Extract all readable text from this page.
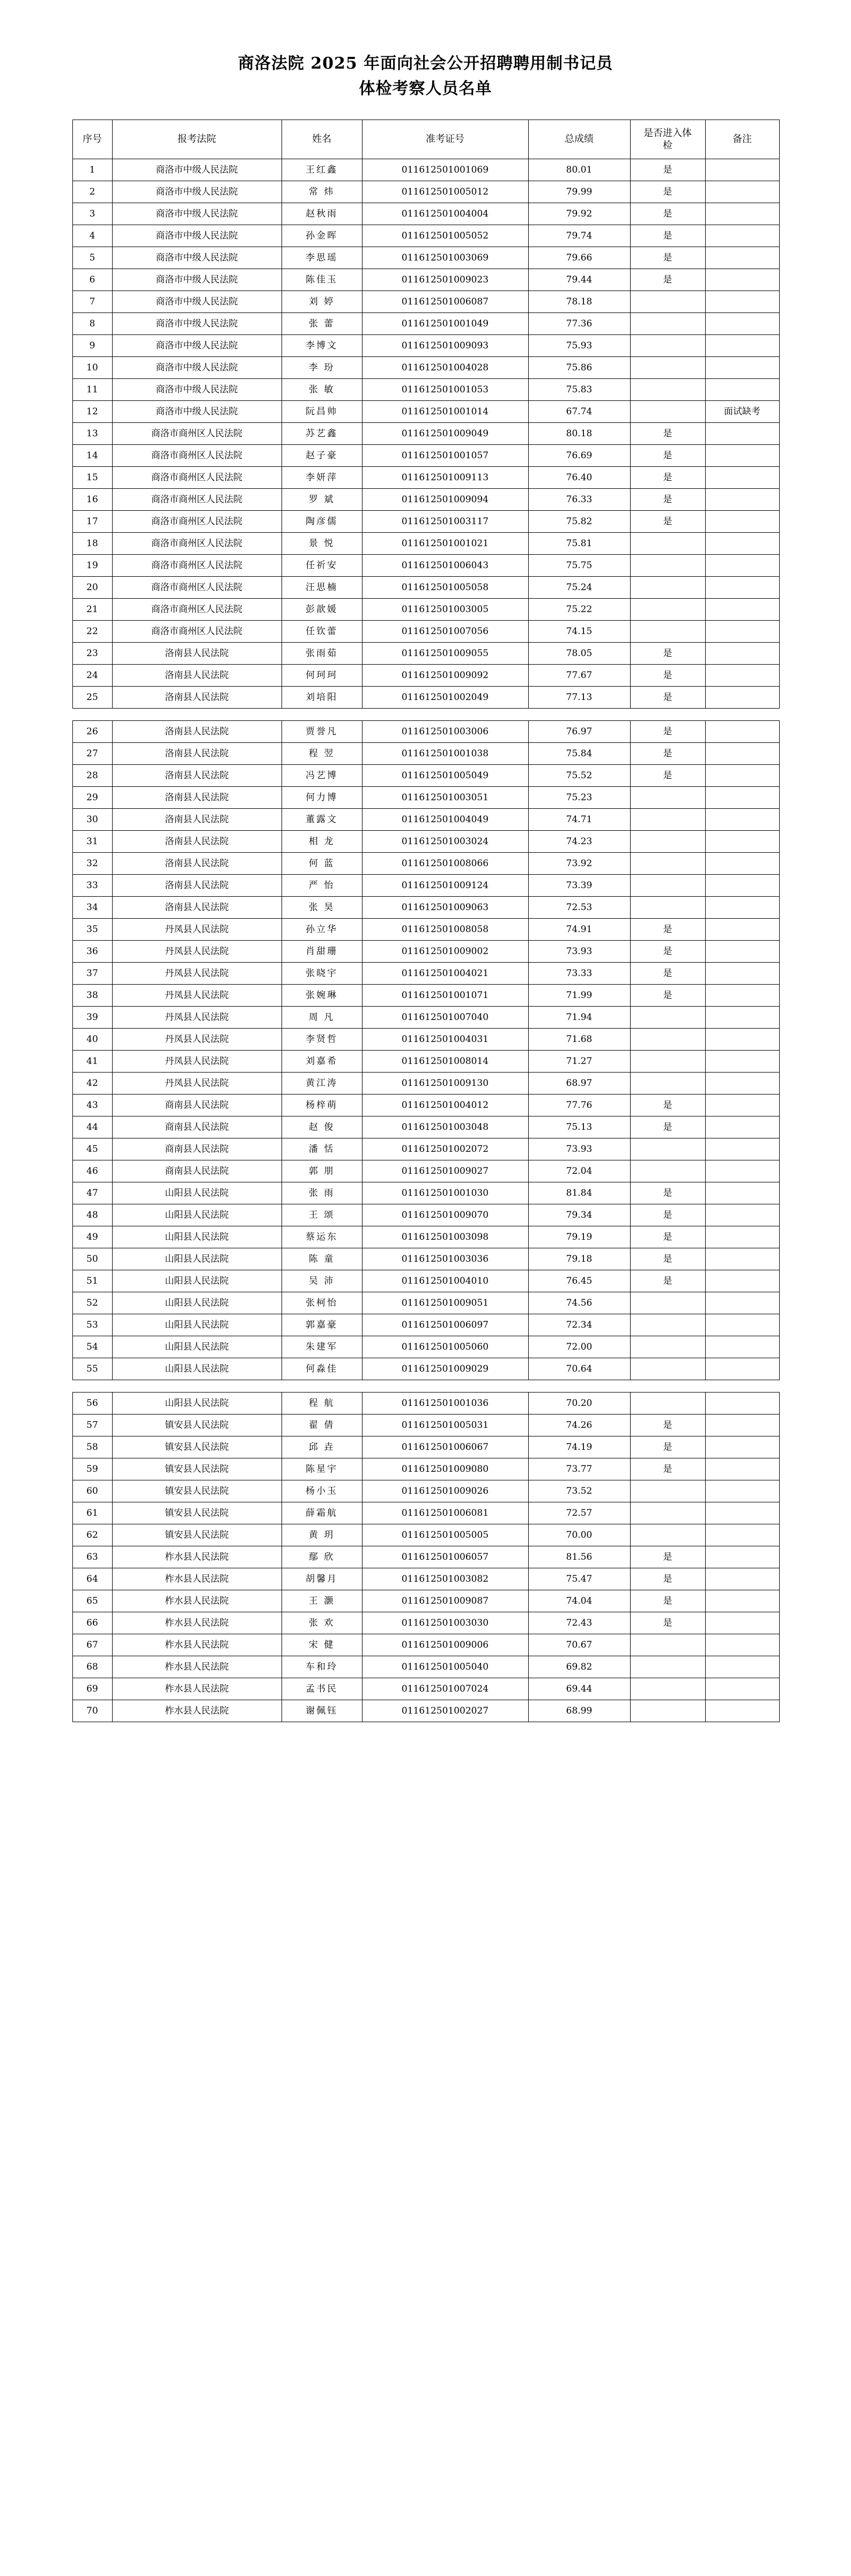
商洛法院 2025 年面向社会公开招聘聘用制书记员
体检考察人员名单
序号	报考法院	姓名	准考证号	总成绩	是否进入体检	备注
1	商洛市中级人民法院	王红鑫	011612501001069	80.01	是	
2	商洛市中级人民法院	常 炜	011612501005012	79.99	是	
3	商洛市中级人民法院	赵秋雨	011612501004004	79.92	是	
4	商洛市中级人民法院	孙金晖	011612501005052	79.74	是	
5	商洛市中级人民法院	李思瑶	011612501003069	79.66	是	
6	商洛市中级人民法院	陈佳玉	011612501009023	79.44	是	
7	商洛市中级人民法院	刘 婷	011612501006087	78.18		
8	商洛市中级人民法院	张 蕾	011612501001049	77.36		
9	商洛市中级人民法院	李博文	011612501009093	75.93		
10	商洛市中级人民法院	李 玢	011612501004028	75.86		
11	商洛市中级人民法院	张 敏	011612501001053	75.83		
12	商洛市中级人民法院	阮昌帅	011612501001014	67.74		面试缺考
13	商洛市商州区人民法院	苏艺鑫	011612501009049	80.18	是	
14	商洛市商州区人民法院	赵子豪	011612501001057	76.69	是	
15	商洛市商州区人民法院	李妍萍	011612501009113	76.40	是	
16	商洛市商州区人民法院	罗 斌	011612501009094	76.33	是	
17	商洛市商州区人民法院	陶彦儒	011612501003117	75.82	是	
18	商洛市商州区人民法院	景 悦	011612501001021	75.81		
19	商洛市商州区人民法院	任祈安	011612501006043	75.75		
20	商洛市商州区人民法院	汪思楠	011612501005058	75.24		
21	商洛市商州区人民法院	彭歆媛	011612501003005	75.22		
22	商洛市商州区人民法院	任钦蕾	011612501007056	74.15		
23	洛南县人民法院	张雨茹	011612501009055	78.05	是	
24	洛南县人民法院	何珂珂	011612501009092	77.67	是	
25	洛南县人民法院	刘培阳	011612501002049	77.13	是	

26	洛南县人民法院	贾誉凡	011612501003006	76.97	是	
27	洛南县人民法院	程 翌	011612501001038	75.84	是	
28	洛南县人民法院	冯艺博	011612501005049	75.52	是	
29	洛南县人民法院	何力博	011612501003051	75.23		
30	洛南县人民法院	董露文	011612501004049	74.71		
31	洛南县人民法院	相 龙	011612501003024	74.23		
32	洛南县人民法院	何 蓝	011612501008066	73.92		
33	洛南县人民法院	严 怡	011612501009124	73.39		
34	洛南县人民法院	张 昊	011612501009063	72.53		
35	丹凤县人民法院	孙立华	011612501008058	74.91	是	
36	丹凤县人民法院	肖甜珊	011612501009002	73.93	是	
37	丹凤县人民法院	张晓宇	011612501004021	73.33	是	
38	丹凤县人民法院	张婉琳	011612501001071	71.99	是	
39	丹凤县人民法院	周 凡	011612501007040	71.94		
40	丹凤县人民法院	李贤哲	011612501004031	71.68		
41	丹凤县人民法院	刘嘉希	011612501008014	71.27		
42	丹凤县人民法院	黄江涛	011612501009130	68.97		
43	商南县人民法院	杨梓萌	011612501004012	77.76	是	
44	商南县人民法院	赵 俊	011612501003048	75.13	是	
45	商南县人民法院	潘 恬	011612501002072	73.93		
46	商南县人民法院	郭 朋	011612501009027	72.04		
47	山阳县人民法院	张 雨	011612501001030	81.84	是	
48	山阳县人民法院	王 颂	011612501009070	79.34	是	
49	山阳县人民法院	蔡运东	011612501003098	79.19	是	
50	山阳县人民法院	陈 童	011612501003036	79.18	是	
51	山阳县人民法院	吴 沛	011612501004010	76.45	是	
52	山阳县人民法院	张柯怡	011612501009051	74.56		
53	山阳县人民法院	郭嘉豪	011612501006097	72.34		
54	山阳县人民法院	朱建军	011612501005060	72.00		
55	山阳县人民法院	何淼佳	011612501009029	70.64		

56	山阳县人民法院	程 航	011612501001036	70.20		
57	镇安县人民法院	翟 倩	011612501005031	74.26	是	
58	镇安县人民法院	邱 垚	011612501006067	74.19	是	
59	镇安县人民法院	陈星宇	011612501009080	73.77	是	
60	镇安县人民法院	杨小玉	011612501009026	73.52		
61	镇安县人民法院	薛霜航	011612501006081	72.57		
62	镇安县人民法院	黄 玥	011612501005005	70.00		
63	柞水县人民法院	鄢 欣	011612501006057	81.56	是	
64	柞水县人民法院	胡馨月	011612501003082	75.47	是	
65	柞水县人民法院	王 灏	011612501009087	74.04	是	
66	柞水县人民法院	张 欢	011612501003030	72.43	是	
67	柞水县人民法院	宋 健	011612501009006	70.67		
68	柞水县人民法院	车和玲	011612501005040	69.82		
69	柞水县人民法院	孟书民	011612501007024	69.44		
70	柞水县人民法院	谢佩钰	011612501002027	68.99		
